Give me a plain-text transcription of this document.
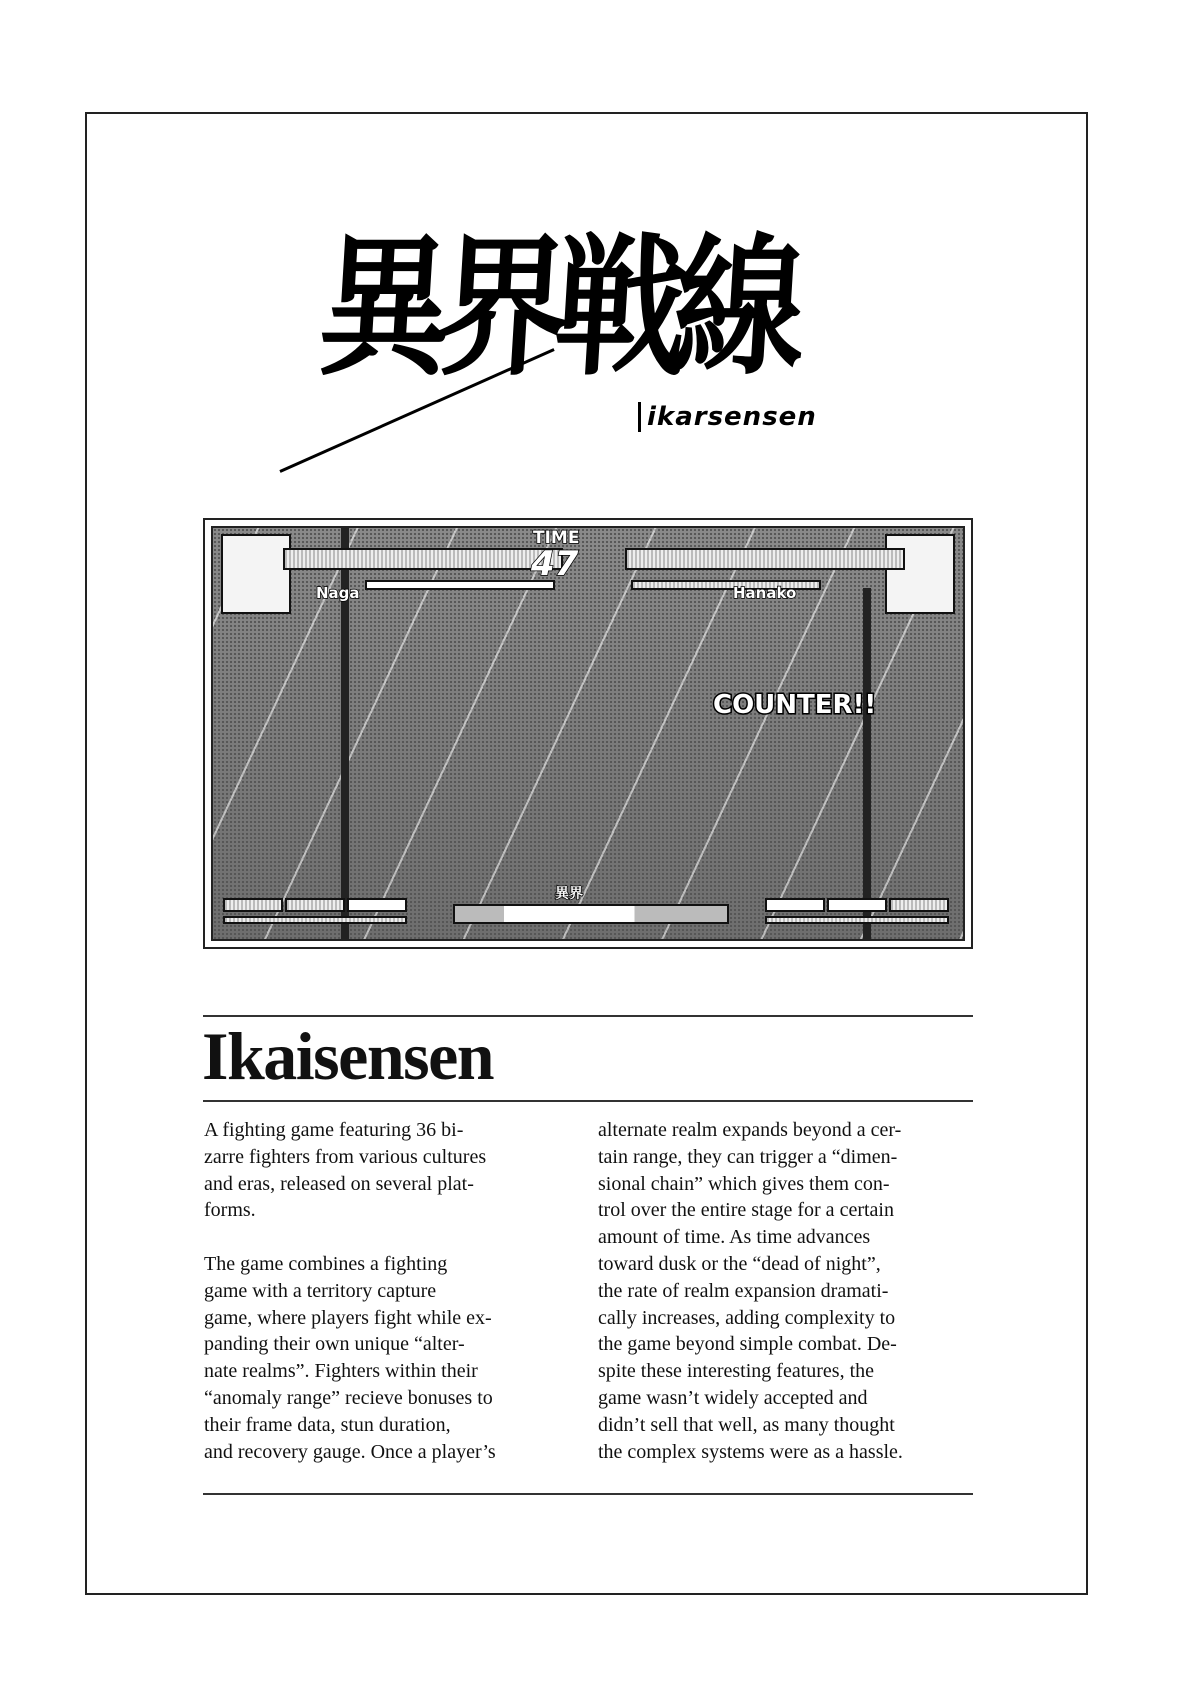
異界戦線
ikarsensen
TIME
47
Naga	Hanako
COUNTER!!
異界
Ikaisensen
A fighting game featuring 36 bi-
zarre fighters from various cultures
and eras, released on several plat-
forms.
The game combines a fighting
game with a territory capture
game, where players fight while ex-
panding their own unique “alter-
nate realms”. Fighters within their
“anomaly range” recieve bonuses to
their frame data, stun duration,
and recovery gauge. Once a player’s
alternate realm expands beyond a cer-
tain range, they can trigger a “dimen-
sional chain” which gives them con-
trol over the entire stage for a certain
amount of time. As time advances
toward dusk or the “dead of night”,
the rate of realm expansion dramati-
cally increases, adding complexity to
the game beyond simple combat. De-
spite these interesting features, the
game wasn’t widely accepted and
didn’t sell that well, as many thought
the complex systems were as a hassle.
